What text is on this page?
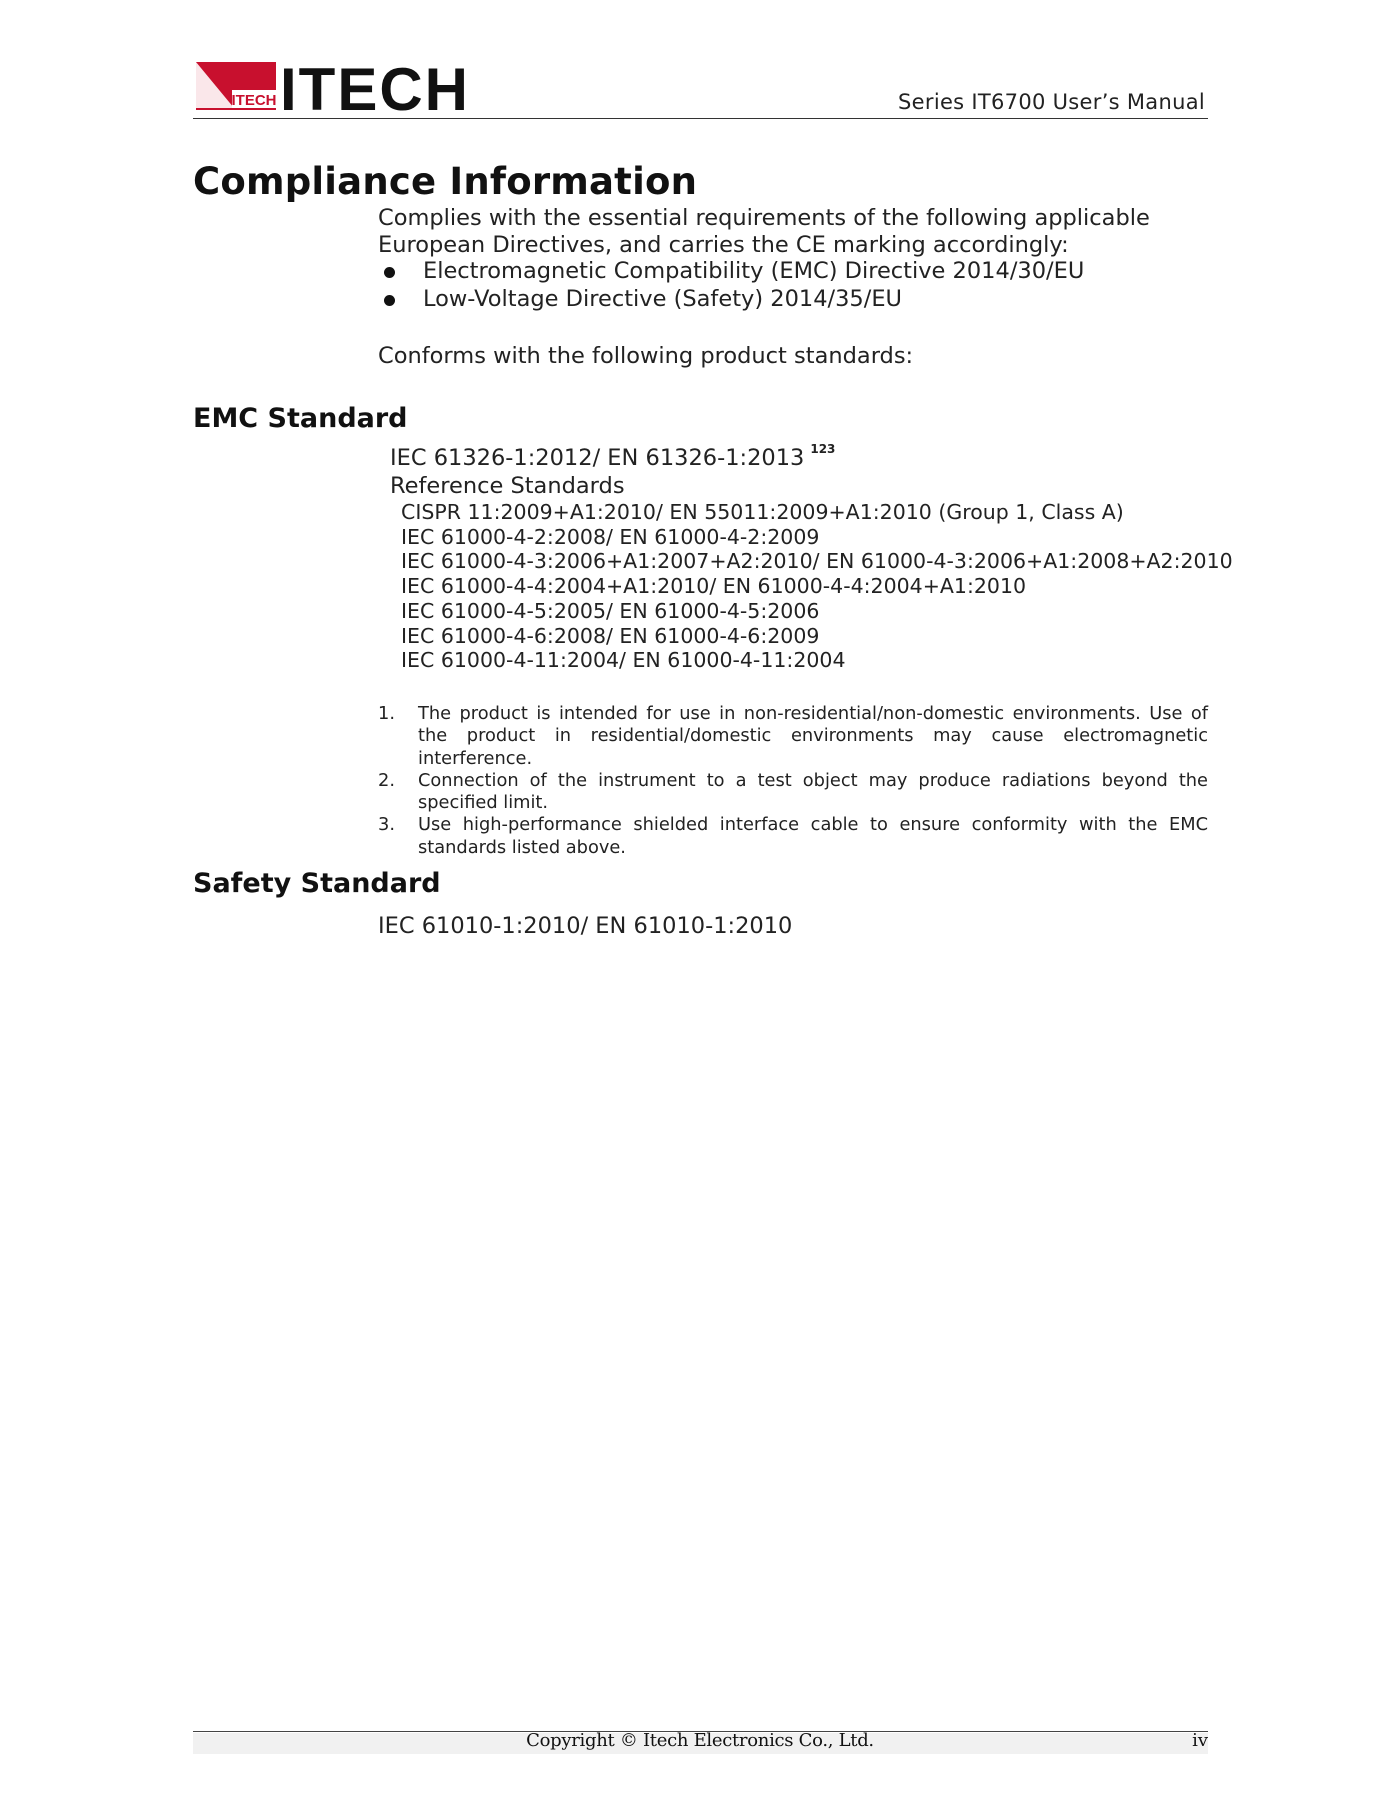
ITECH ITECH	Series IT6700 User’s Manual
Compliance Information
Complies with the essential requirements of the following applicable European Directives, and carries the CE marking accordingly:
Electromagnetic Compatibility (EMC) Directive 2014/30/EU
Low-Voltage Directive (Safety) 2014/35/EU
Conforms with the following product standards:
EMC Standard
IEC 61326-1:2012/ EN 61326-1:2013 $^{123}$
Reference Standards
CISPR 11:2009+A1:2010/ EN 55011:2009+A1:2010 (Group 1, Class A)
IEC 61000-4-2:2008/ EN 61000-4-2:2009
IEC 61000-4-3:2006+A1:2007+A2:2010/ EN 61000-4-3:2006+A1:2008+A2:2010
IEC 61000-4-4:2004+A1:2010/ EN 61000-4-4:2004+A1:2010
IEC 61000-4-5:2005/ EN 61000-4-5:2006
IEC 61000-4-6:2008/ EN 61000-4-6:2009
IEC 61000-4-11:2004/ EN 61000-4-11:2004
1. The product is intended for use in non-residential/non-domestic environments. Use of the product in residential/domestic environments may cause electromagnetic interference.
2. Connection of the instrument to a test object may produce radiations beyond the specified limit.
3. Use high-performance shielded interface cable to ensure conformity with the EMC standards listed above.
Safety Standard
IEC 61010-1:2010/ EN 61010-1:2010
Copyright © Itech Electronics Co., Ltd.	iv
